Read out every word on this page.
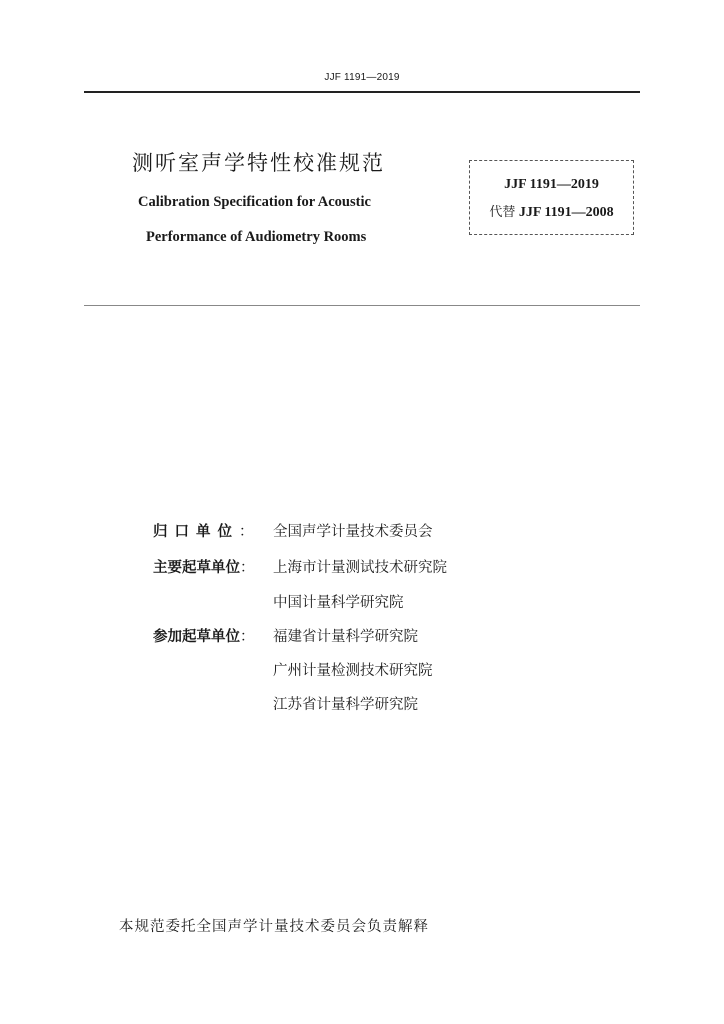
JJF 1191—2019
测听室声学特性校准规范
Calibration Specification for Acoustic
Performance of Audiometry Rooms
JJF 1191—2019
代替 JJF 1191—2008
归口单位： 全国声学计量技术委员会
主要起草单位： 上海市计量测试技术研究院
中国计量科学研究院
参加起草单位： 福建省计量科学研究院
广州计量检测技术研究院
江苏省计量科学研究院
本规范委托全国声学计量技术委员会负责解释
